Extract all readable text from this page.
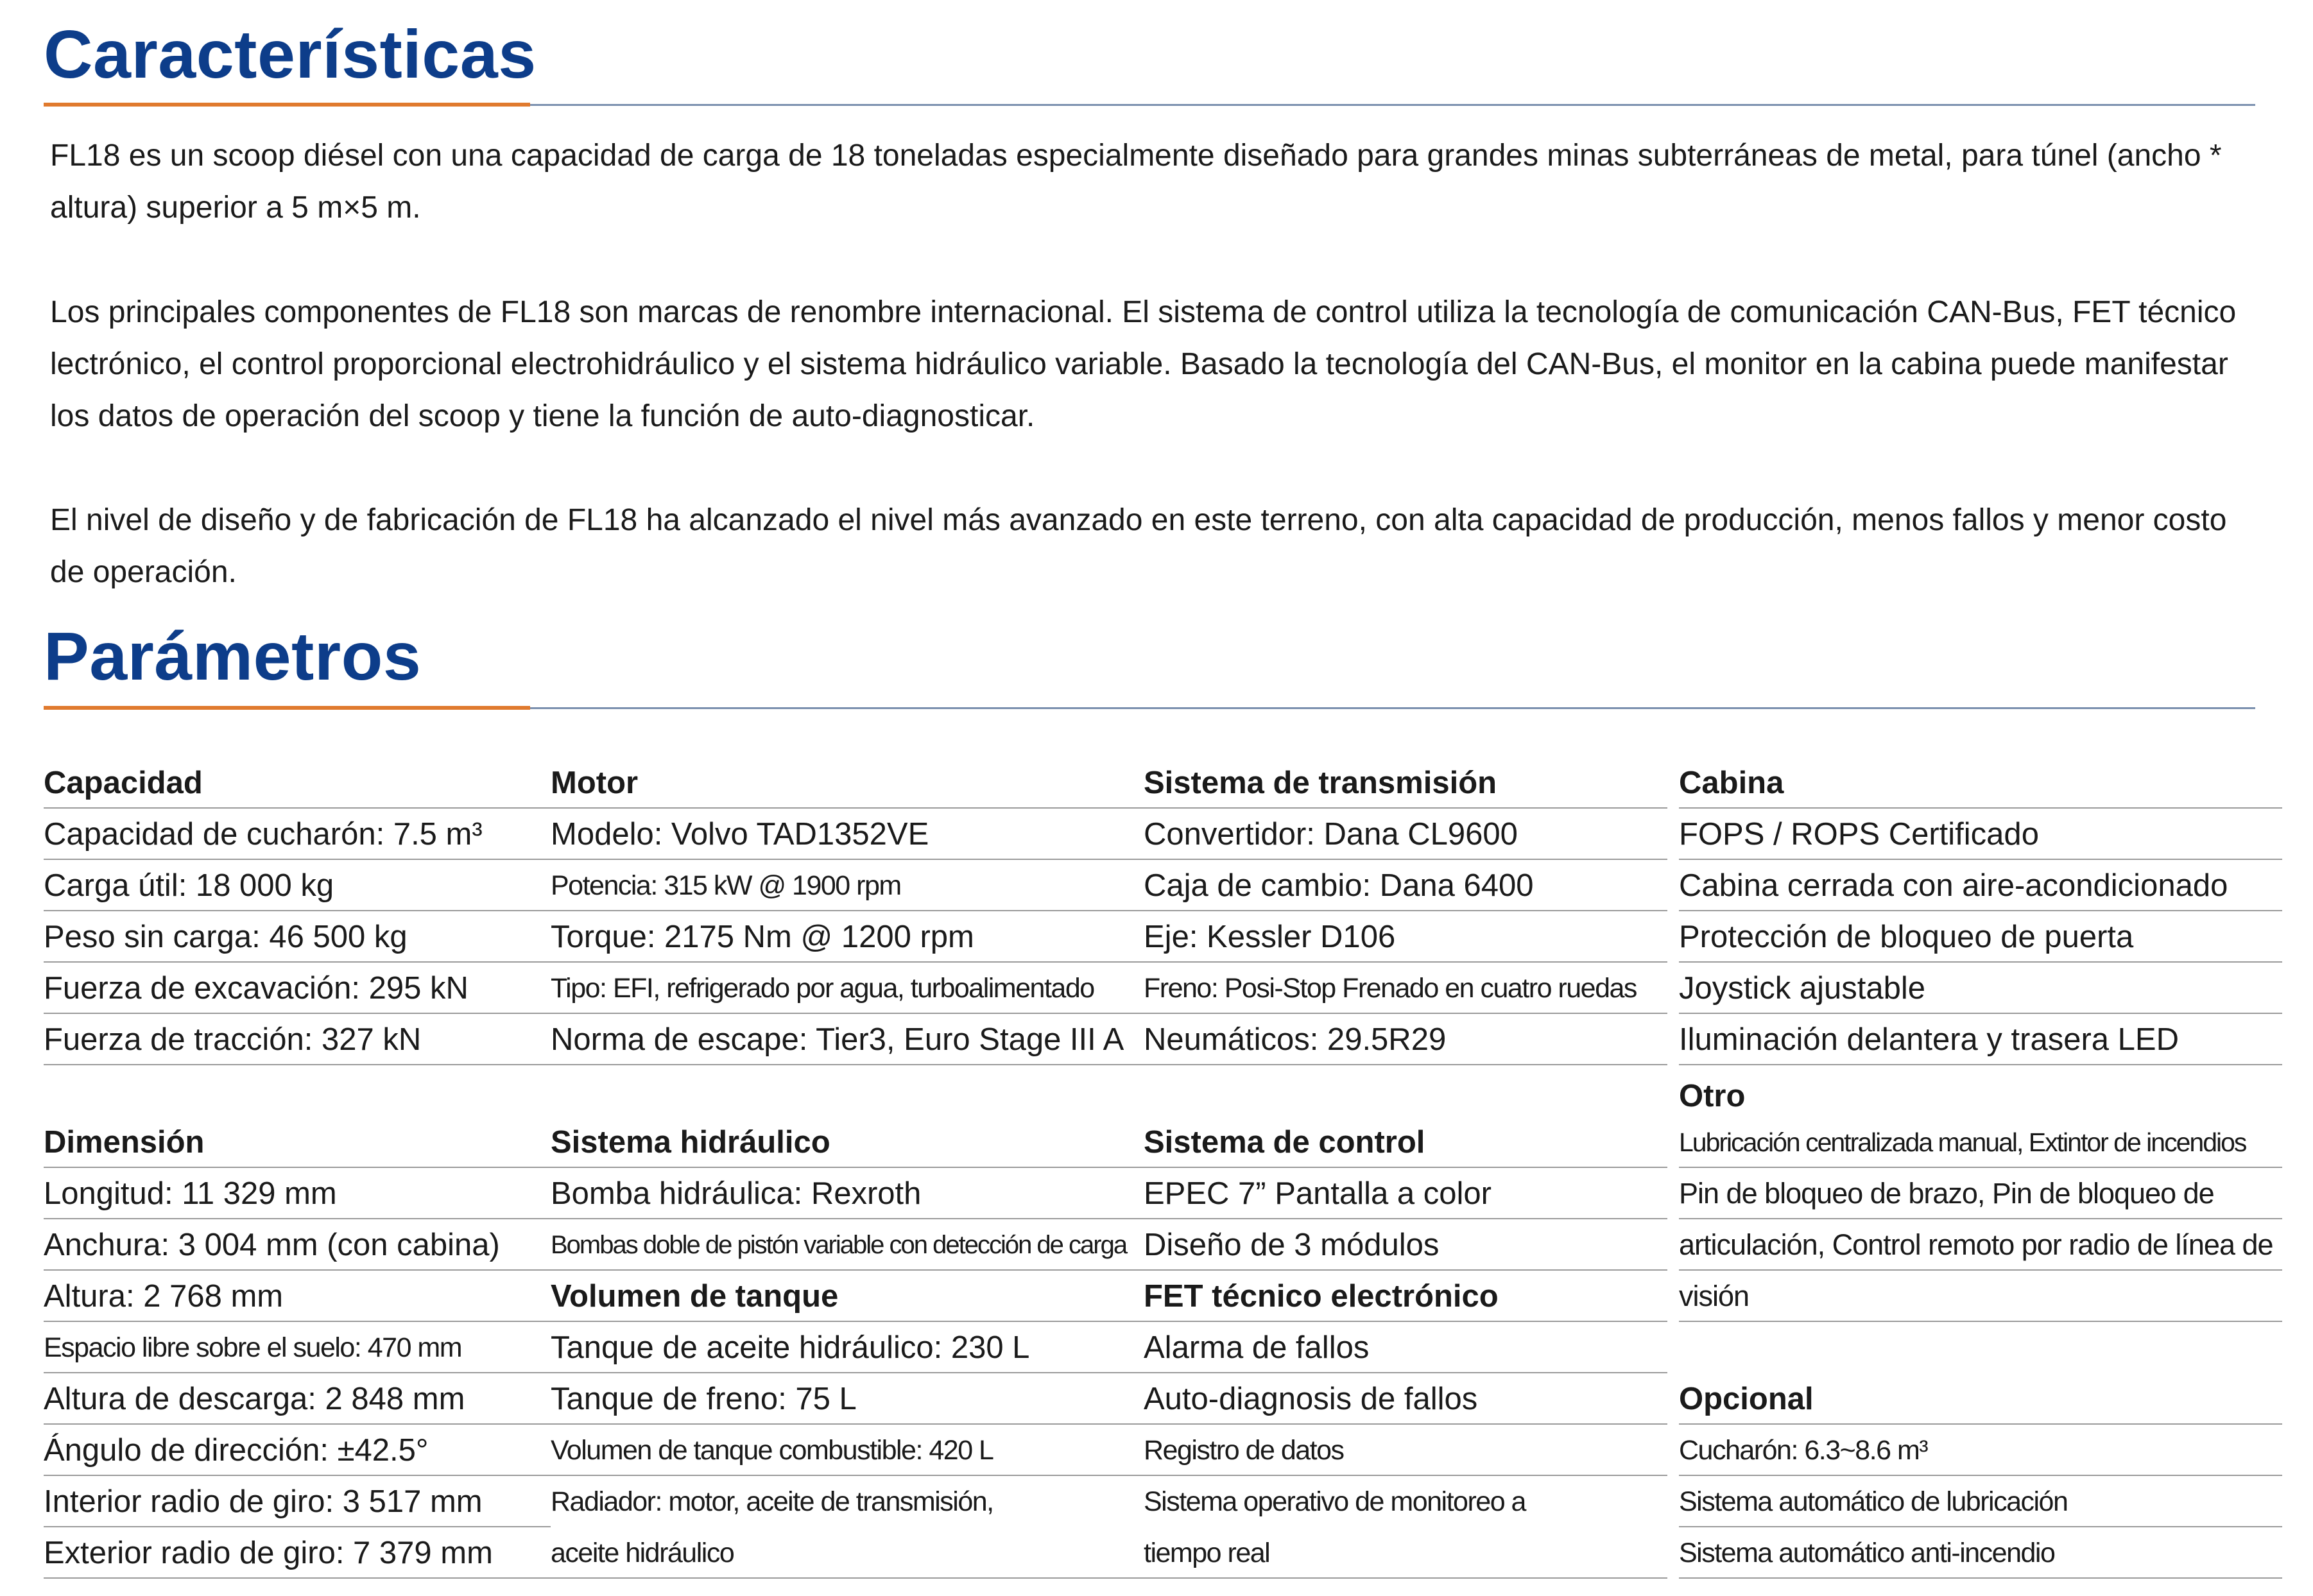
Características

FL18 es un scoop diésel con una capacidad de carga de 18 toneladas especialmente diseñado para grandes minas subterráneas de metal, para túnel (ancho * altura) superior a 5 m×5 m.

Los principales componentes de FL18 son marcas de renombre internacional. El sistema de control utiliza la tecnología de comunicación CAN-Bus, FET técnico lectrónico, el control proporcional electrohidráulico y el sistema hidráulico variable. Basado la tecnología del CAN-Bus, el monitor en la cabina puede manifestar los datos de operación del scoop y tiene la función de auto-diagnosticar.

El nivel de diseño y de fabricación de FL18 ha alcanzado el nivel más avanzado en este terreno, con alta capacidad de producción, menos fallos y menor costo de operación.

Parámetros
Capacidad
Capacidad de cucharón: 7.5 m³
Carga útil: 18 000 kg
Peso sin carga: 46 500 kg
Fuerza de excavación: 295 kN
Fuerza de tracción: 327 kN
Dimensión
Longitud: 11 329 mm
Anchura: 3 004 mm (con cabina)
Altura: 2 768 mm
Espacio libre sobre el suelo: 470 mm
Altura de descarga: 2 848 mm
Ángulo de dirección: ±42.5°
Interior radio de giro: 3 517 mm
Exterior radio de giro: 7 379 mm
Motor
Modelo: Volvo TAD1352VE
Potencia: 315 kW @ 1900 rpm
Torque: 2175 Nm @ 1200 rpm
Tipo: EFI, refrigerado por agua, turboalimentado
Norma de escape: Tier3, Euro Stage III A
Sistema hidráulico
Bomba hidráulica: Rexroth
Bombas doble de pistón variable con detección de carga
Volumen de tanque
Tanque de aceite hidráulico: 230 L
Tanque de freno: 75 L
Volumen de tanque combustible: 420 L
Radiador: motor, aceite de transmisión,
aceite hidráulico
Sistema de transmisión
Convertidor: Dana CL9600
Caja de cambio: Dana 6400
Eje: Kessler D106
Freno: Posi-Stop Frenado en cuatro ruedas
Neumáticos: 29.5R29
Sistema de control
EPEC 7” Pantalla a color
Diseño de 3 módulos
FET técnico electrónico
Alarma de fallos
Auto-diagnosis de fallos
Registro de datos
Sistema operativo de monitoreo a
tiempo real
Cabina
FOPS / ROPS Certificado
Cabina cerrada con aire-acondicionado
Protección de bloqueo de puerta
Joystick ajustable
Iluminación delantera y trasera LED
Otro
Lubricación centralizada manual, Extintor de incendios
Pin de bloqueo de brazo, Pin de bloqueo de articulación, Control remoto por radio de línea de visión
Opcional
Cucharón: 6.3~8.6 m³
Sistema automático de lubricación
Sistema automático anti-incendio
